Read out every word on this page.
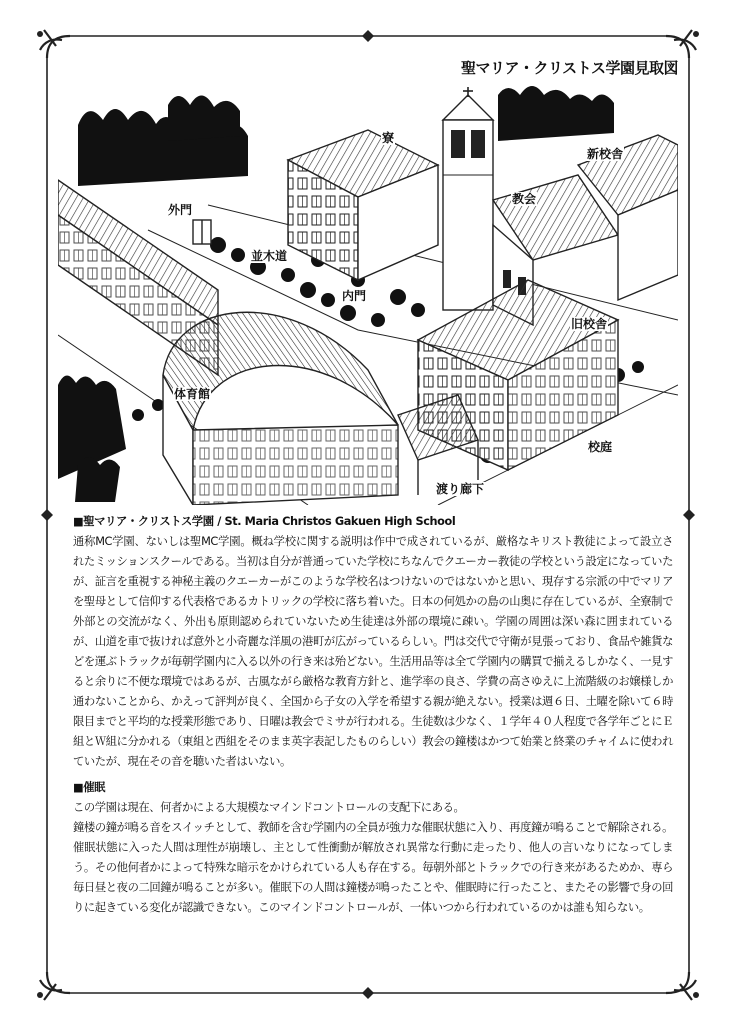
聖マリア・クリストス学園見取図
寮
新校舎
外門
教会
並木道
内門
旧校舎
体育館
校庭
渡り廊下

■聖マリア・クリストス学園 / St. Maria Christos Gakuen High School

通称MC学園、ないしは聖MC学園。概ね学校に関する説明は作中で成されているが、厳格なキリスト教徒によって設立されたミッションスクールである。当初は自分が普通っていた学校にちなんでクエーカー教徒の学校という設定になっていたが、証言を重視する神秘主義のクエーカーがこのような学校名はつけないのではないかと思い、現存する宗派の中でマリアを聖母として信仰する代表格であるカトリックの学校に落ち着いた。日本の何処かの島の山奥に存在しているが、全寮制で外部との交流がなく、外出も原則認められていないため生徒達は外部の環境に疎い。学園の周囲は深い森に囲まれているが、山道を車で抜ければ意外と小奇麗な洋風の港町が広がっているらしい。門は交代で守衛が見張っており、食品や雑貨などを運ぶトラックが毎朝学園内に入る以外の行き来は殆どない。生活用品等は全て学園内の購買で揃えるしかなく、一見すると余りに不便な環境ではあるが、古風ながら厳格な教育方針と、進学率の良さ、学費の高さゆえに上流階級のお嬢様しか通わないことから、かえって評判が良く、全国から子女の入学を希望する親が絶えない。授業は週６日、土曜を除いて６時限目までと平均的な授業形態であり、日曜は教会でミサが行われる。生徒数は少なく、１学年４０人程度で各学年ごとにＥ組とＷ組に分かれる（東組と西組をそのまま英字表記したものらしい）教会の鐘楼はかつて始業と終業のチャイムに使われていたが、現在その音を聴いた者はいない。

■催眠

この学園は現在、何者かによる大規模なマインドコントロールの支配下にある。
鐘楼の鐘が鳴る音をスイッチとして、教師を含む学園内の全員が強力な催眠状態に入り、再度鐘が鳴ることで解除される。催眠状態に入った人間は理性が崩壊し、主として性衝動が解放され異常な行動に走ったり、他人の言いなりになってしまう。その他何者かによって特殊な暗示をかけられている人も存在する。毎朝外部とトラックでの行き来があるためか、専ら毎日昼と夜の二回鐘が鳴ることが多い。催眠下の人間は鐘楼が鳴ったことや、催眠時に行ったこと、またその影響で身の回りに起きている変化が認識できない。このマインドコントロールが、一体いつから行われているのかは誰も知らない。
